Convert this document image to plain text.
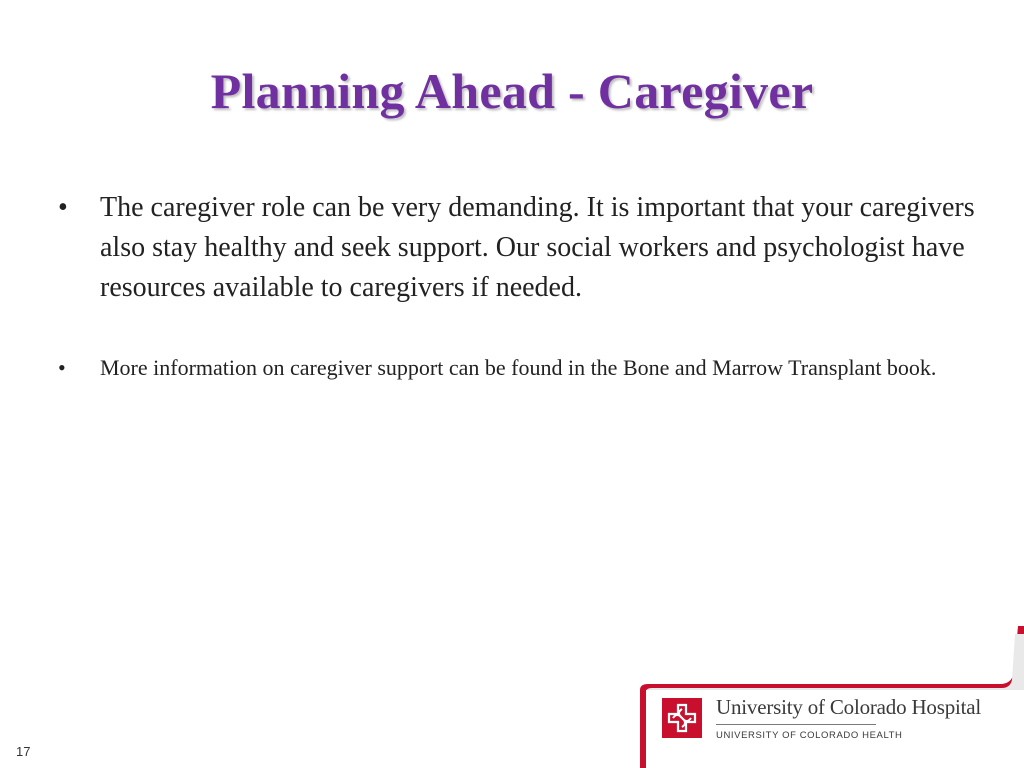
Planning Ahead - Caregiver
• The caregiver role can be very demanding. It is important that your caregivers also stay healthy and seek support. Our social workers and psychologist have resources available to caregivers if needed.
• More information on caregiver support can be found in the Bone and Marrow Transplant book.
17
University of Colorado Hospital
UNIVERSITY OF COLORADO HEALTH
